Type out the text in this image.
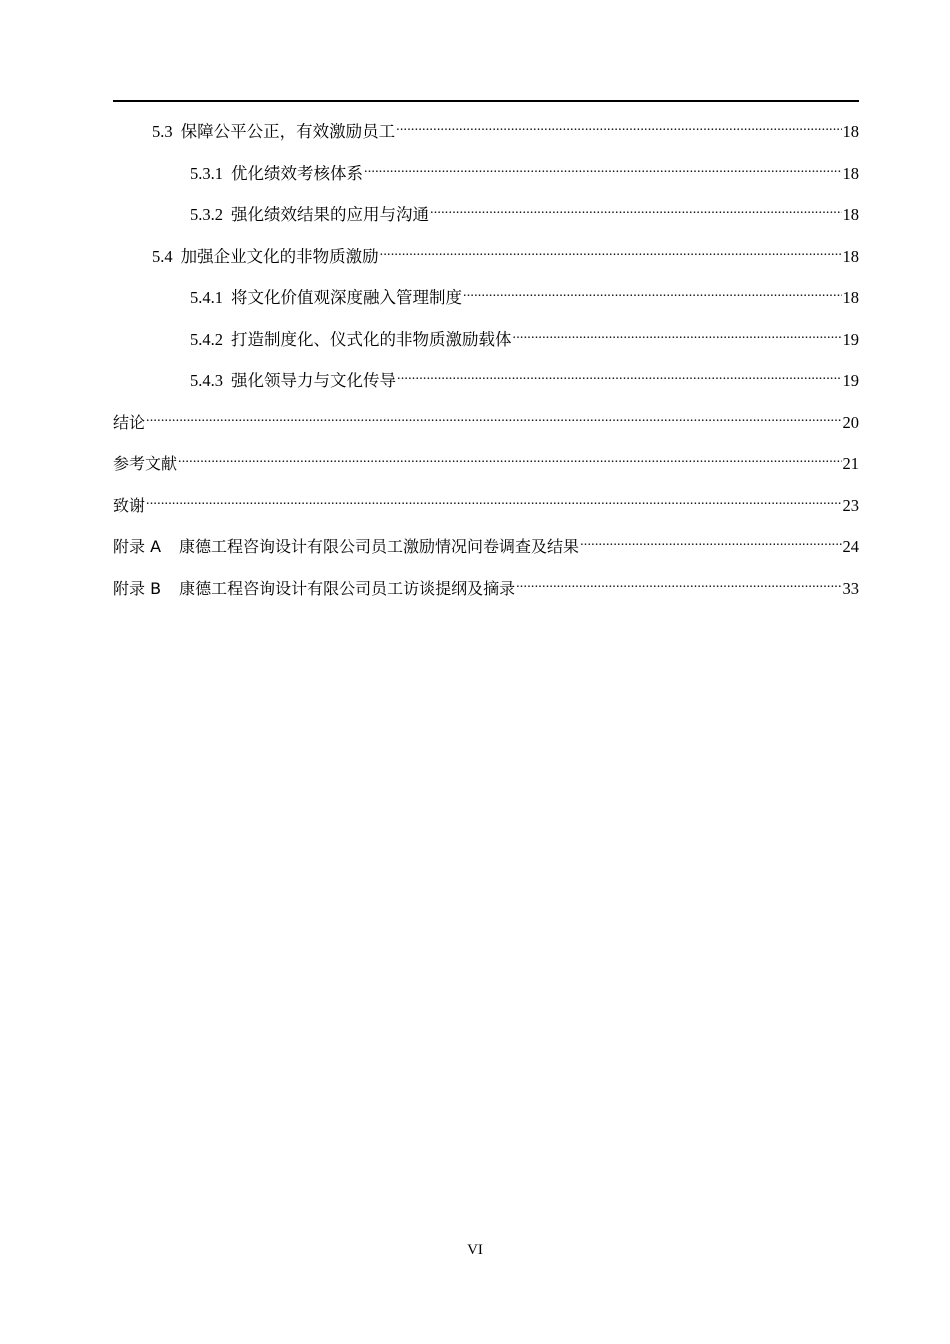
5.3 保障公平公正，有效激励员工 .....	18
5.3.1 优化绩效考核体系 .....	18
5.3.2 强化绩效结果的应用与沟通 .....	18
5.4 加强企业文化的非物质激励 .....	18
5.4.1 将文化价值观深度融入管理制度 .....	18
5.4.2 打造制度化、仪式化的非物质激励载体 .....	19
5.4.3 强化领导力与文化传导 .....	19
结论 .....	20
参考文献 .....	21
致谢 .....	23
附录 A 康德工程咨询设计有限公司员工激励情况问卷调查及结果 .....	24
附录 B 康德工程咨询设计有限公司员工访谈提纲及摘录 .....	33
VI
